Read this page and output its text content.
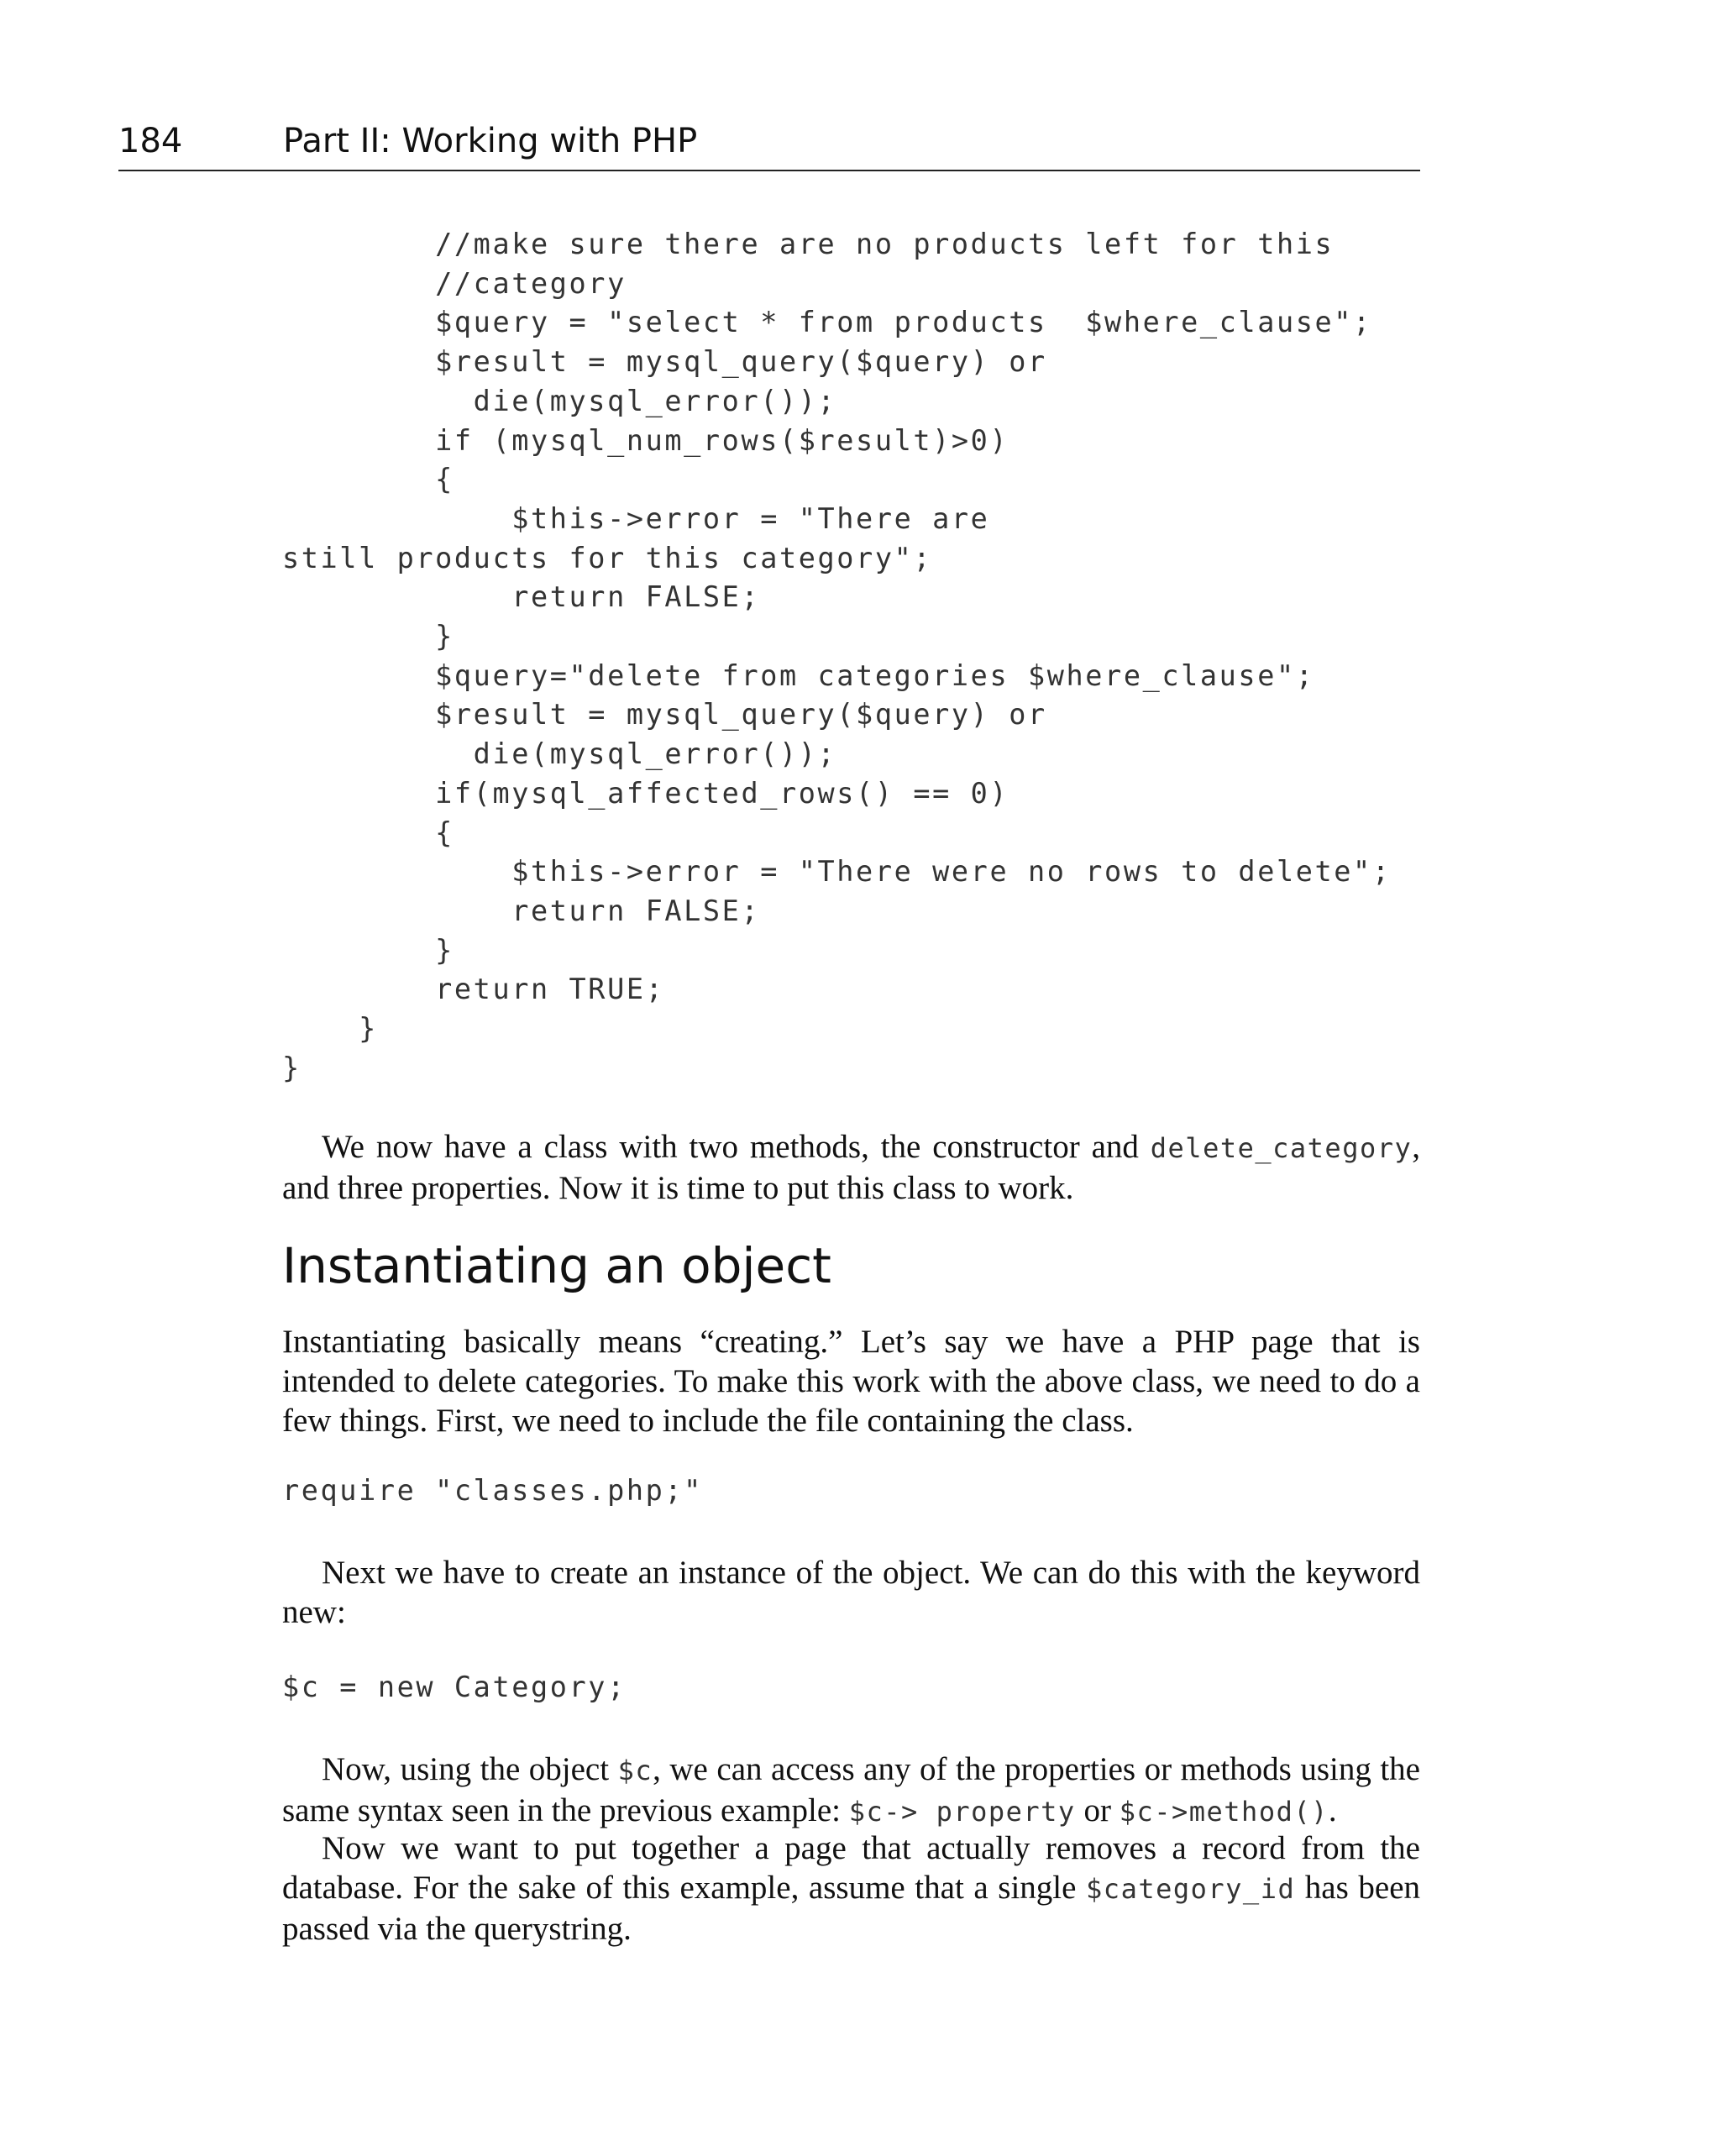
184	Part II: Working with PHP
//make sure there are no products left for this
//category
$query = "select * from products  $where_clause";
$result = mysql_query($query) or
die(mysql_error());
if (mysql_num_rows($result)>0)
{
$this->error = "There are
still products for this category";
return FALSE;
}
$query="delete from categories $where_clause";
$result = mysql_query($query) or
die(mysql_error());
if(mysql_affected_rows() == 0)
{
$this->error = "There were no rows to delete";
return FALSE;
}
return TRUE;
}
}

We now have a class with two methods, the constructor and delete_category, and three properties. Now it is time to put this class to work.

Instantiating an object

Instantiating basically means “creating.” Let’s say we have a PHP page that is intended to delete categories. To make this work with the above class, we need to do a few things. First, we need to include the file containing the class.

require "classes.php;"

Next we have to create an instance of the object. We can do this with the keyword new:

$c = new Category;

Now, using the object $c, we can access any of the properties or methods using the same syntax seen in the previous example: $c-> property or $c->method().

Now we want to put together a page that actually removes a record from the database. For the sake of this example, assume that a single $category_id has been passed via the querystring.
